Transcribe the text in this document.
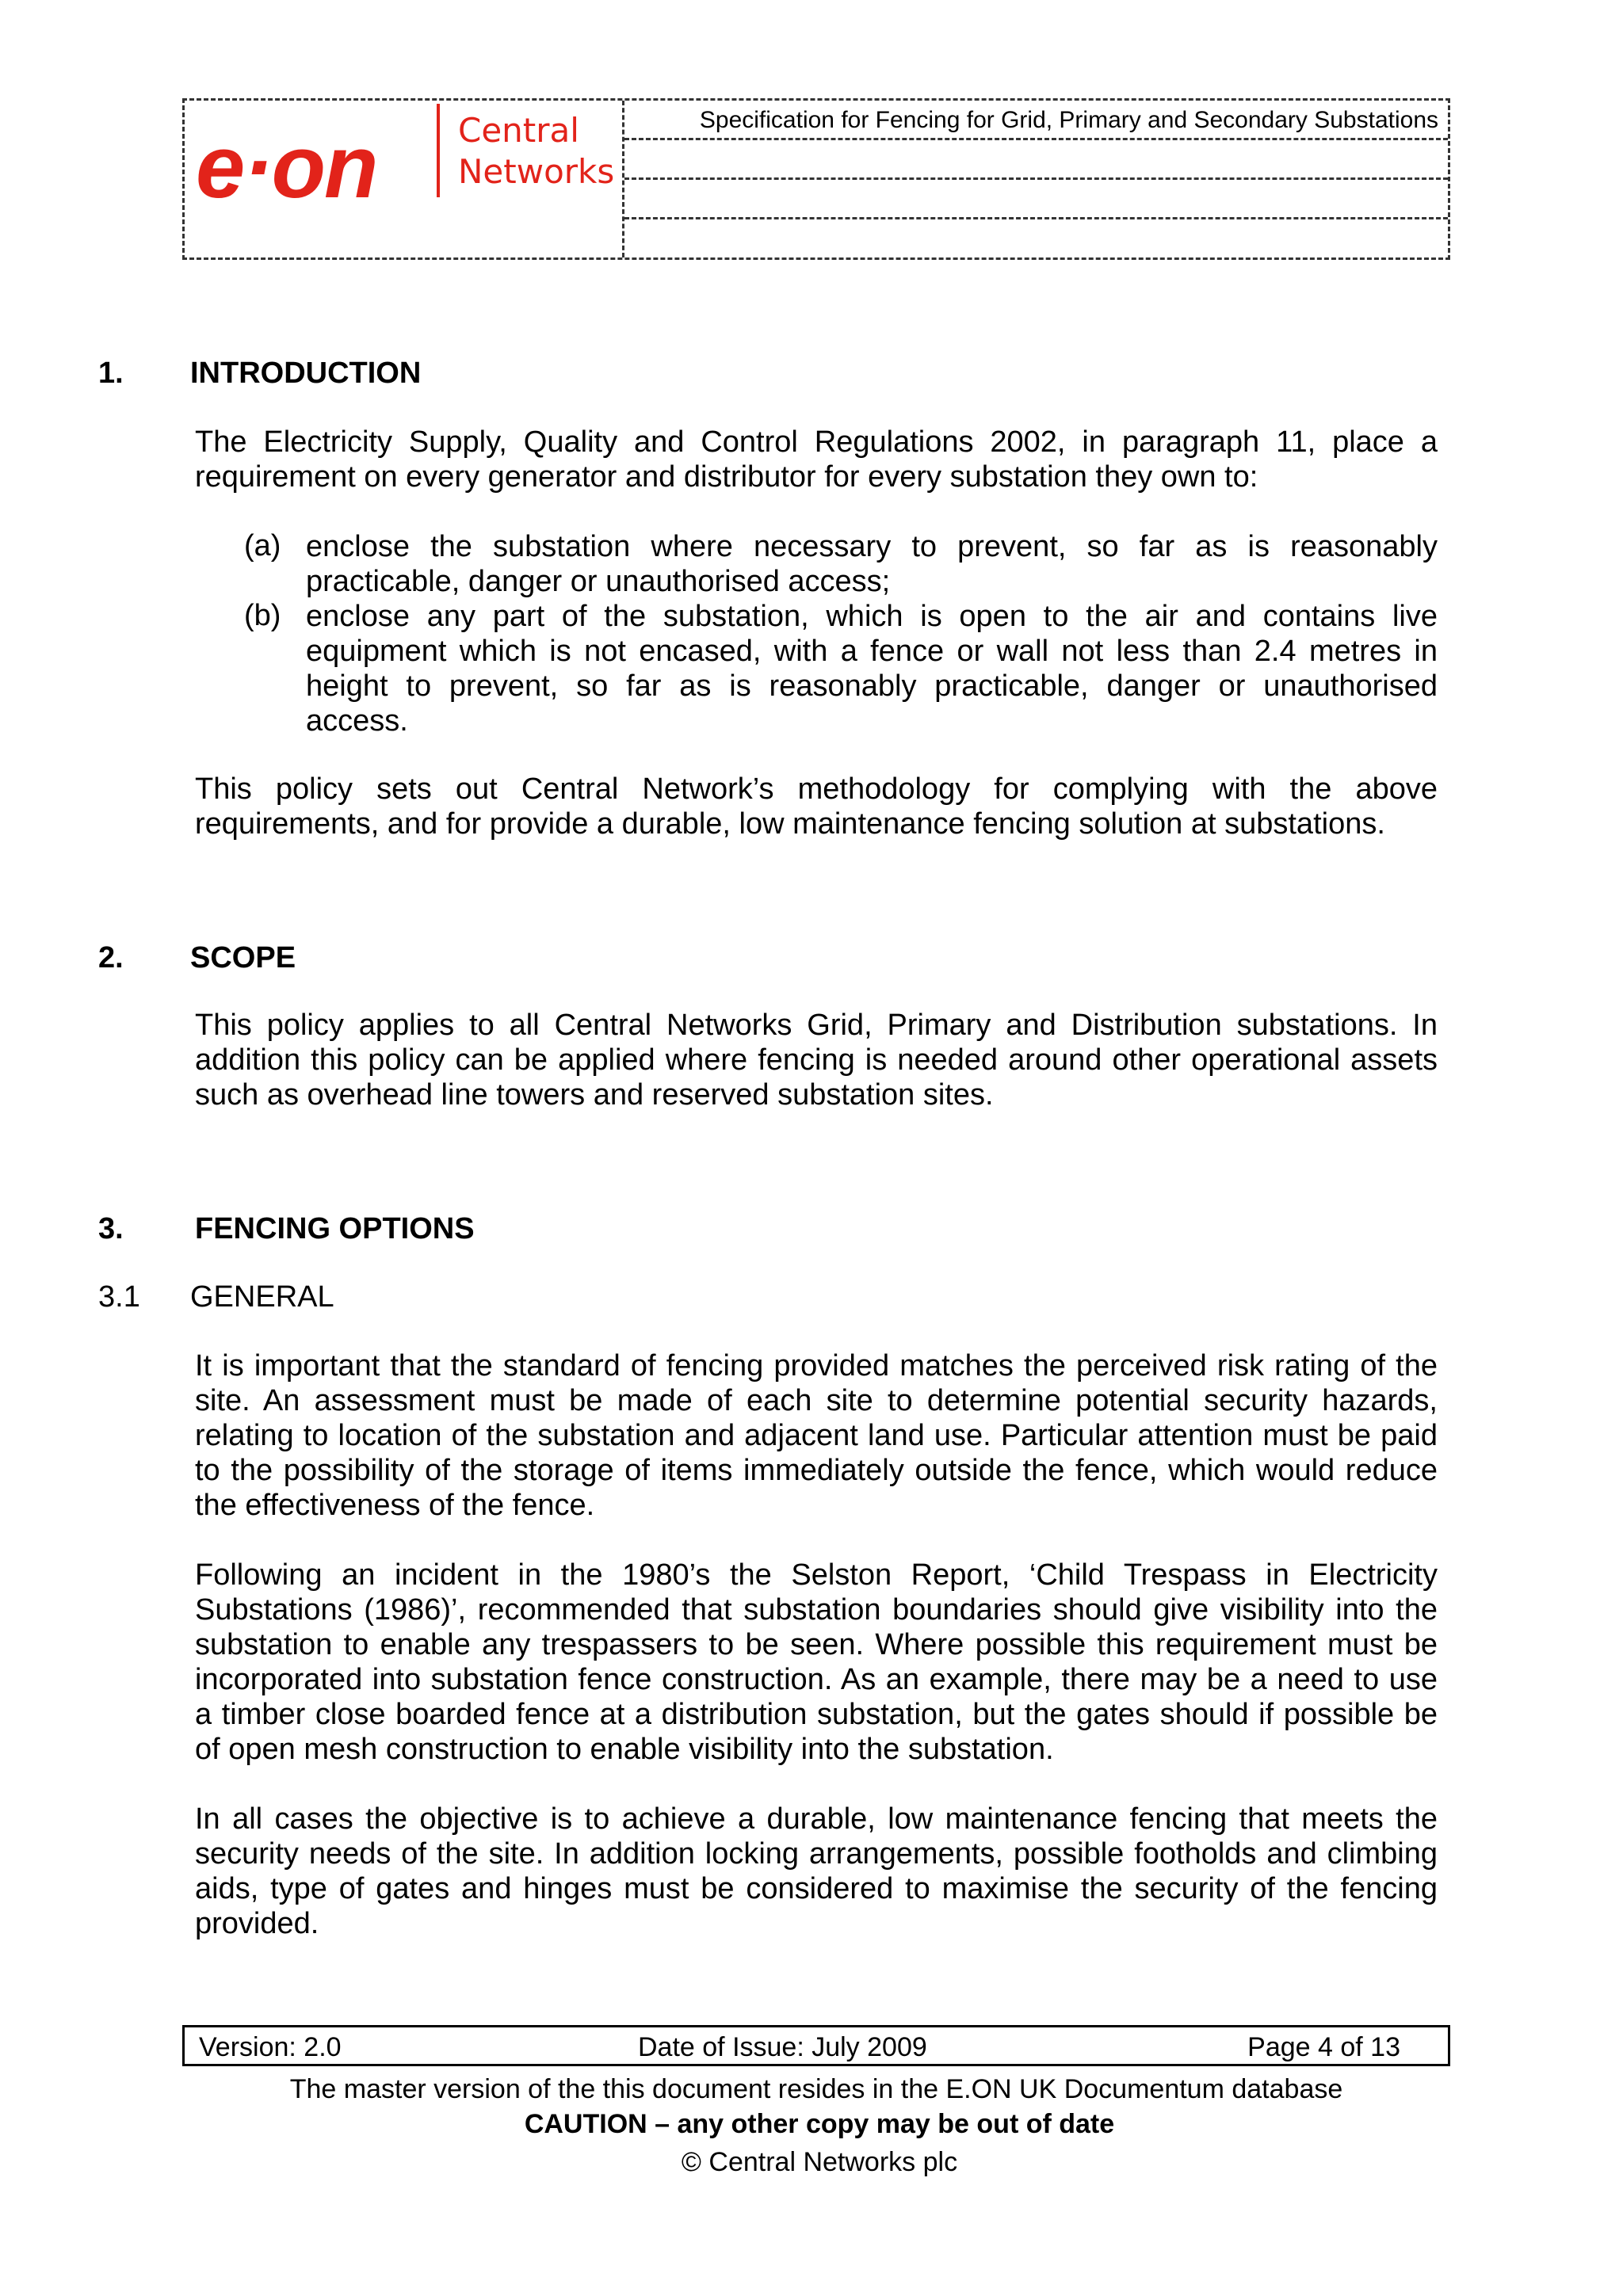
e·on Central
Networks
Specification for Fencing for Grid, Primary and Secondary Substations
1. INTRODUCTION

The Electricity Supply, Quality and Control Regulations 2002, in paragraph 11, place a requirement on every generator and distributor for every substation they own to:

(a) enclose the substation where necessary to prevent, so far as is reasonably practicable, danger or unauthorised access;

(b) enclose any part of the substation, which is open to the air and contains live equipment which is not encased, with a fence or wall not less than 2.4 metres in height to prevent, so far as is reasonably practicable, danger or unauthorised access.

This policy sets out Central Network’s methodology for complying with the above requirements, and for provide a durable, low maintenance fencing solution at substations.

2. SCOPE

This policy applies to all Central Networks Grid, Primary and Distribution substations. In addition this policy can be applied where fencing is needed around other operational assets such as overhead line towers and reserved substation sites.

3. FENCING OPTIONS
3.1 GENERAL

It is important that the standard of fencing provided matches the perceived risk rating of the site. An assessment must be made of each site to determine potential security hazards, relating to location of the substation and adjacent land use. Particular attention must be paid to the possibility of the storage of items immediately outside the fence, which would reduce the effectiveness of the fence.

Following an incident in the 1980’s the Selston Report, ‘Child Trespass in Electricity Substations (1986)’, recommended that substation boundaries should give visibility into the substation to enable any trespassers to be seen. Where possible this requirement must be incorporated into substation fence construction. As an example, there may be a need to use a timber close boarded fence at a distribution substation, but the gates should if possible be of open mesh construction to enable visibility into the substation.

In all cases the objective is to achieve a durable, low maintenance fencing that meets the security needs of the site. In addition locking arrangements, possible footholds and climbing aids, type of gates and hinges must be considered to maximise the security of the fencing provided.

Version: 2.0	Date of Issue: July 2009	Page 4 of 13
The master version of the this document resides in the E.ON UK Documentum database
CAUTION – any other copy may be out of date
© Central Networks plc
